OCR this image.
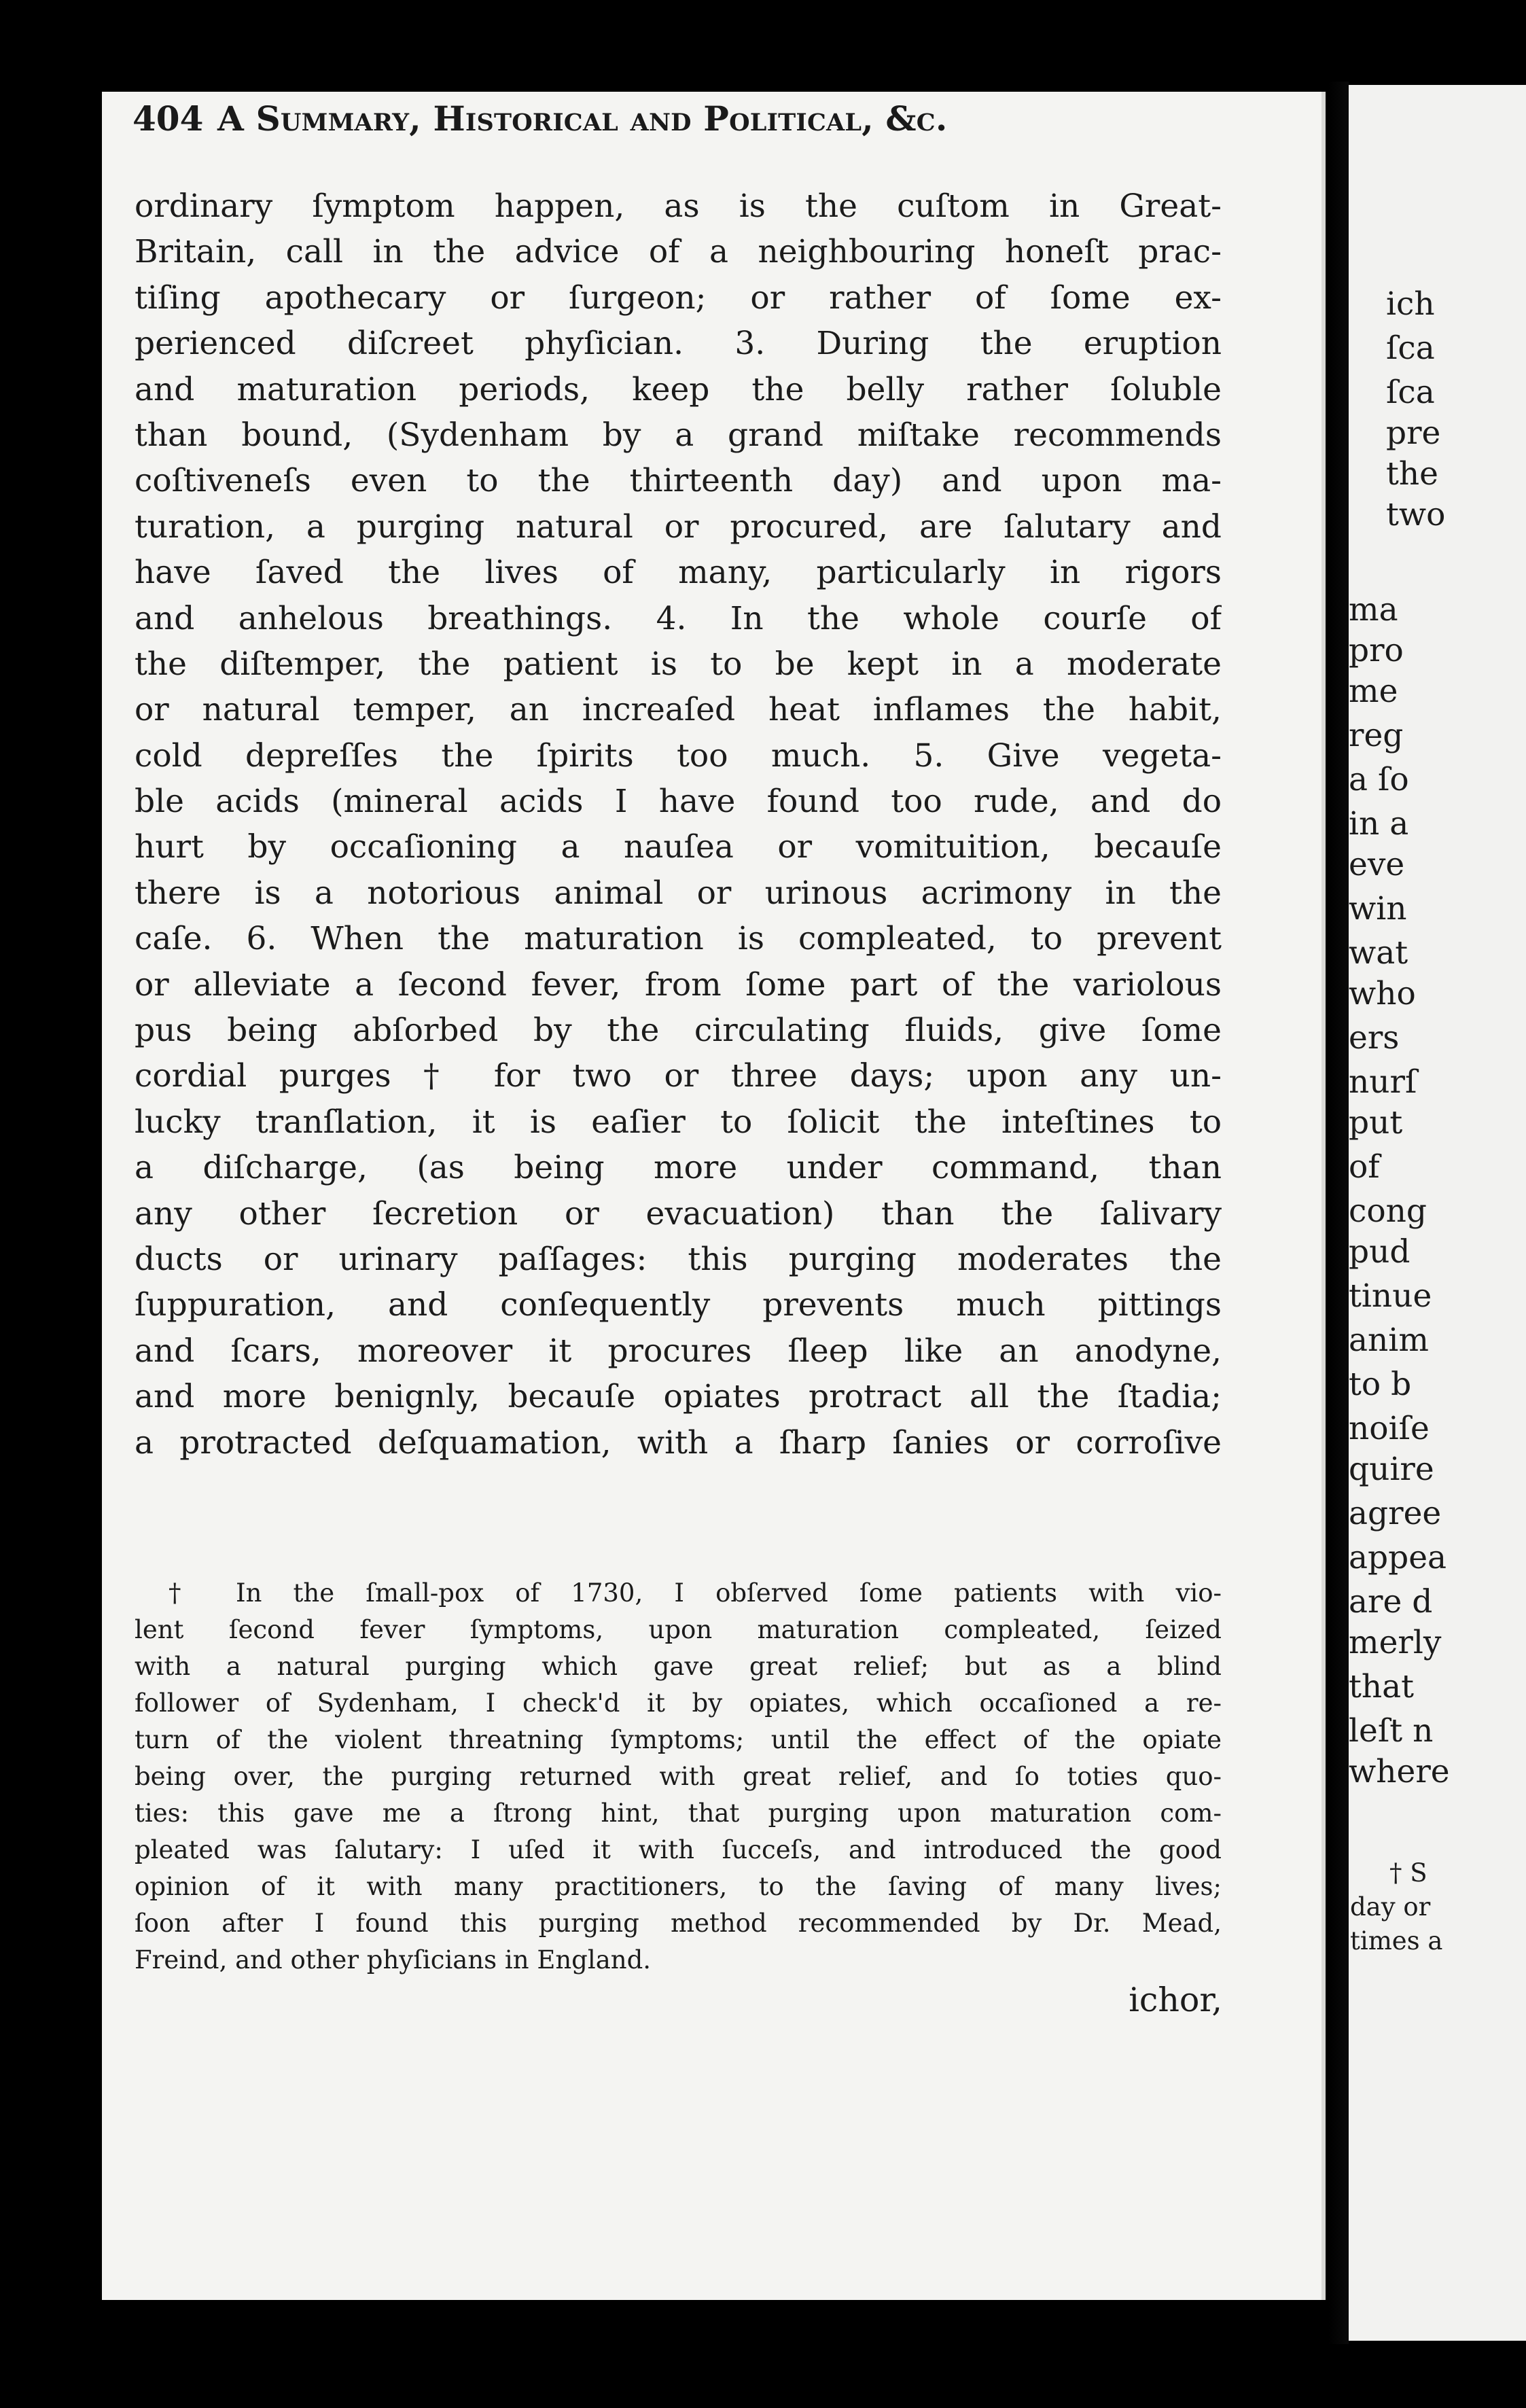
ich
ſca
ſca
pre
the
two
ma
pro
me
reg
a ſo
in a
eve
win
wat
who
ers
nurſ
put
of
cong
pud
tinue
anim
to b
noiſe
quire
agree
appea
are d
merly
that
leſt n
where
† S
day or
times a
404 A Summary, Historical and Political, &c.
ordinary ſymptom happen, as is the cuſtom in Great-
Britain, call in the advice of a neighbouring honeſt prac-
tiſing apothecary or ſurgeon; or rather of ſome ex-
perienced diſcreet phyſician. 3. During the eruption
and maturation periods, keep the belly rather ſoluble
than bound, (Sydenham by a grand miſtake recommends
coſtiveneſs even to the thirteenth day) and upon ma-
turation, a purging natural or procured, are ſalutary and
have ſaved the lives of many, particularly in rigors
and anhelous breathings. 4. In the whole courſe of
the diſtemper, the patient is to be kept in a moderate
or natural temper, an increaſed heat inflames the habit,
cold depreſſes the ſpirits too much. 5. Give vegeta-
ble acids (mineral acids I have found too rude, and do
hurt by occaſioning a nauſea or vomituition, becauſe
there is a notorious animal or urinous acrimony in the
caſe. 6. When the maturation is compleated, to prevent
or alleviate a ſecond fever, from ſome part of the variolous
pus being abſorbed by the circulating fluids, give ſome
cordial purges † for two or three days; upon any un-
lucky tranſlation, it is eaſier to ſolicit the inteſtines to
a diſcharge, (as being more under command, than
any other ſecretion or evacuation) than the ſalivary
ducts or urinary paſſages: this purging moderates the
ſuppuration, and conſequently prevents much pittings
and ſcars, moreover it procures ſleep like an anodyne,
and more benignly, becauſe opiates protract all the ſtadia;
a protracted deſquamation, with a ſharp ſanies or corroſive
† In the ſmall-pox of 1730, I obſerved ſome patients with vio-
lent ſecond fever ſymptoms, upon maturation compleated, ſeized
with a natural purging which gave great relief; but as a blind
follower of Sydenham, I check'd it by opiates, which occaſioned a re-
turn of the violent threatning ſymptoms; until the effect of the opiate
being over, the purging returned with great relief, and ſo toties quo-
ties: this gave me a ſtrong hint, that purging upon maturation com-
pleated was ſalutary: I uſed it with ſucceſs, and introduced the good
opinion of it with many practitioners, to the ſaving of many lives;
ſoon after I found this purging method recommended by Dr. Mead,
Freind, and other phyſicians in England.
ichor,
